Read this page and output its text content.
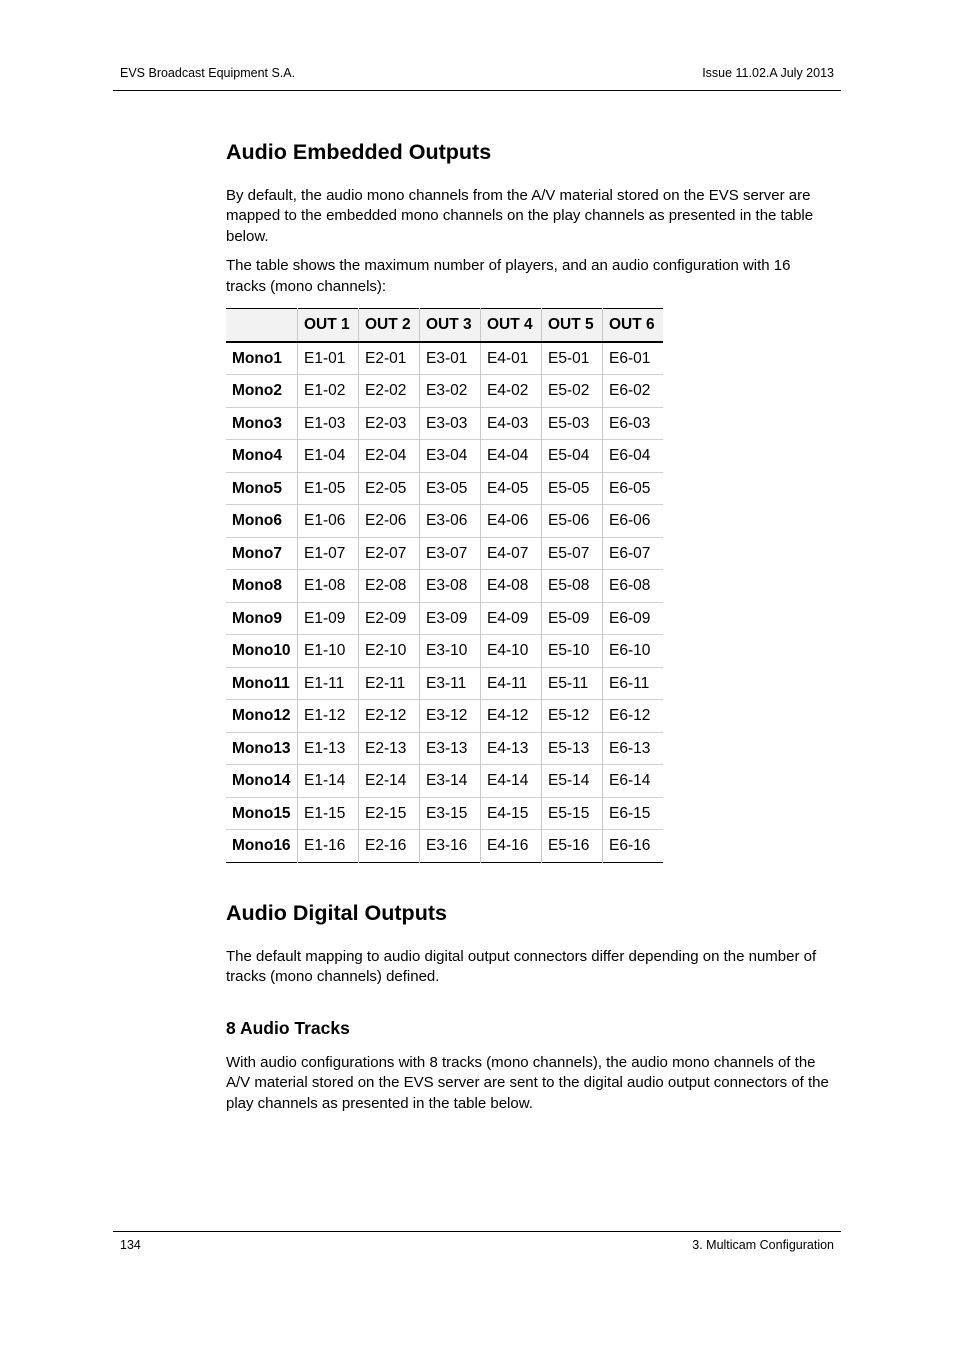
EVS Broadcast Equipment S.A.	Issue 11.02.A July 2013
Audio Embedded Outputs

By default, the audio mono channels from the A/V material stored on the EVS server are mapped to the embedded mono channels on the play channels as presented in the table below.

The table shows the maximum number of players, and an audio configuration with 16 tracks (mono channels):

	OUT 1	OUT 2	OUT 3	OUT 4	OUT 5	OUT 6
Mono1	E1-01	E2-01	E3-01	E4-01	E5-01	E6-01
Mono2	E1-02	E2-02	E3-02	E4-02	E5-02	E6-02
Mono3	E1-03	E2-03	E3-03	E4-03	E5-03	E6-03
Mono4	E1-04	E2-04	E3-04	E4-04	E5-04	E6-04
Mono5	E1-05	E2-05	E3-05	E4-05	E5-05	E6-05
Mono6	E1-06	E2-06	E3-06	E4-06	E5-06	E6-06
Mono7	E1-07	E2-07	E3-07	E4-07	E5-07	E6-07
Mono8	E1-08	E2-08	E3-08	E4-08	E5-08	E6-08
Mono9	E1-09	E2-09	E3-09	E4-09	E5-09	E6-09
Mono10	E1-10	E2-10	E3-10	E4-10	E5-10	E6-10
Mono11	E1-11	E2-11	E3-11	E4-11	E5-11	E6-11
Mono12	E1-12	E2-12	E3-12	E4-12	E5-12	E6-12
Mono13	E1-13	E2-13	E3-13	E4-13	E5-13	E6-13
Mono14	E1-14	E2-14	E3-14	E4-14	E5-14	E6-14
Mono15	E1-15	E2-15	E3-15	E4-15	E5-15	E6-15
Mono16	E1-16	E2-16	E3-16	E4-16	E5-16	E6-16
Audio Digital Outputs

The default mapping to audio digital output connectors differ depending on the number of tracks (mono channels) defined.

8 Audio Tracks

With audio configurations with 8 tracks (mono channels), the audio mono channels of the A/V material stored on the EVS server are sent to the digital audio output connectors of the play channels as presented in the table below.

134	3. Multicam Configuration
